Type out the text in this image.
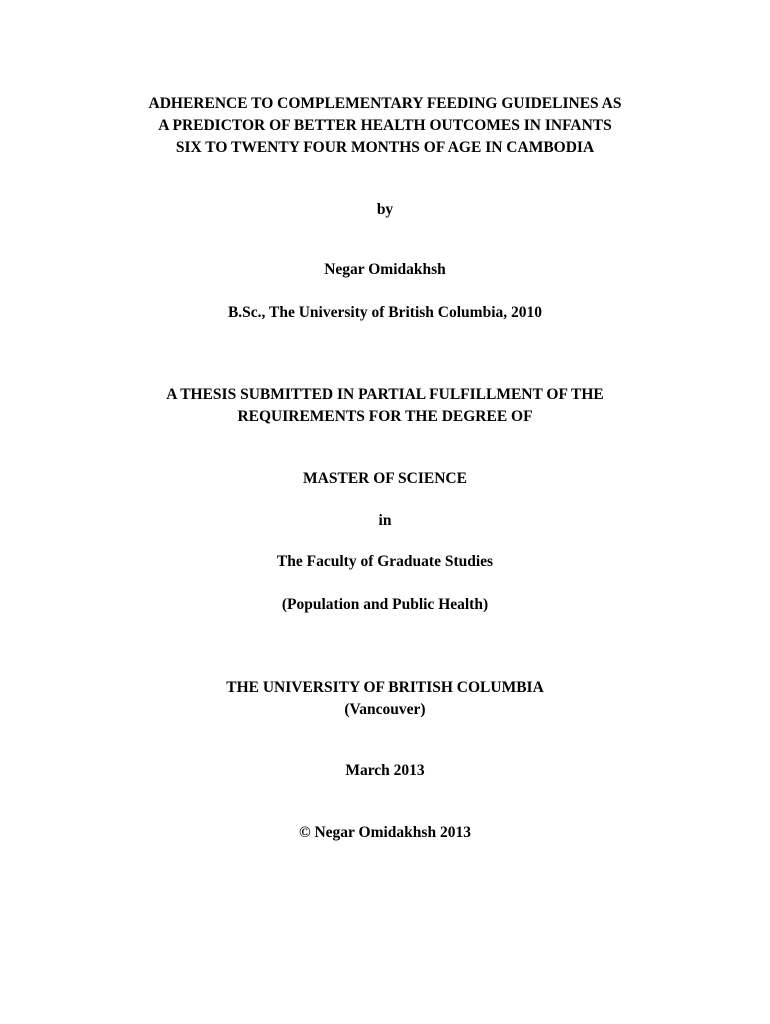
ADHERENCE TO COMPLEMENTARY FEEDING GUIDELINES AS
A PREDICTOR OF BETTER HEALTH OUTCOMES IN INFANTS
SIX TO TWENTY FOUR MONTHS OF AGE IN CAMBODIA
by
Negar Omidakhsh
B.Sc., The University of British Columbia, 2010
A THESIS SUBMITTED IN PARTIAL FULFILLMENT OF THE
REQUIREMENTS FOR THE DEGREE OF
MASTER OF SCIENCE
in
The Faculty of Graduate Studies
(Population and Public Health)
THE UNIVERSITY OF BRITISH COLUMBIA
(Vancouver)
March 2013
© Negar Omidakhsh 2013
